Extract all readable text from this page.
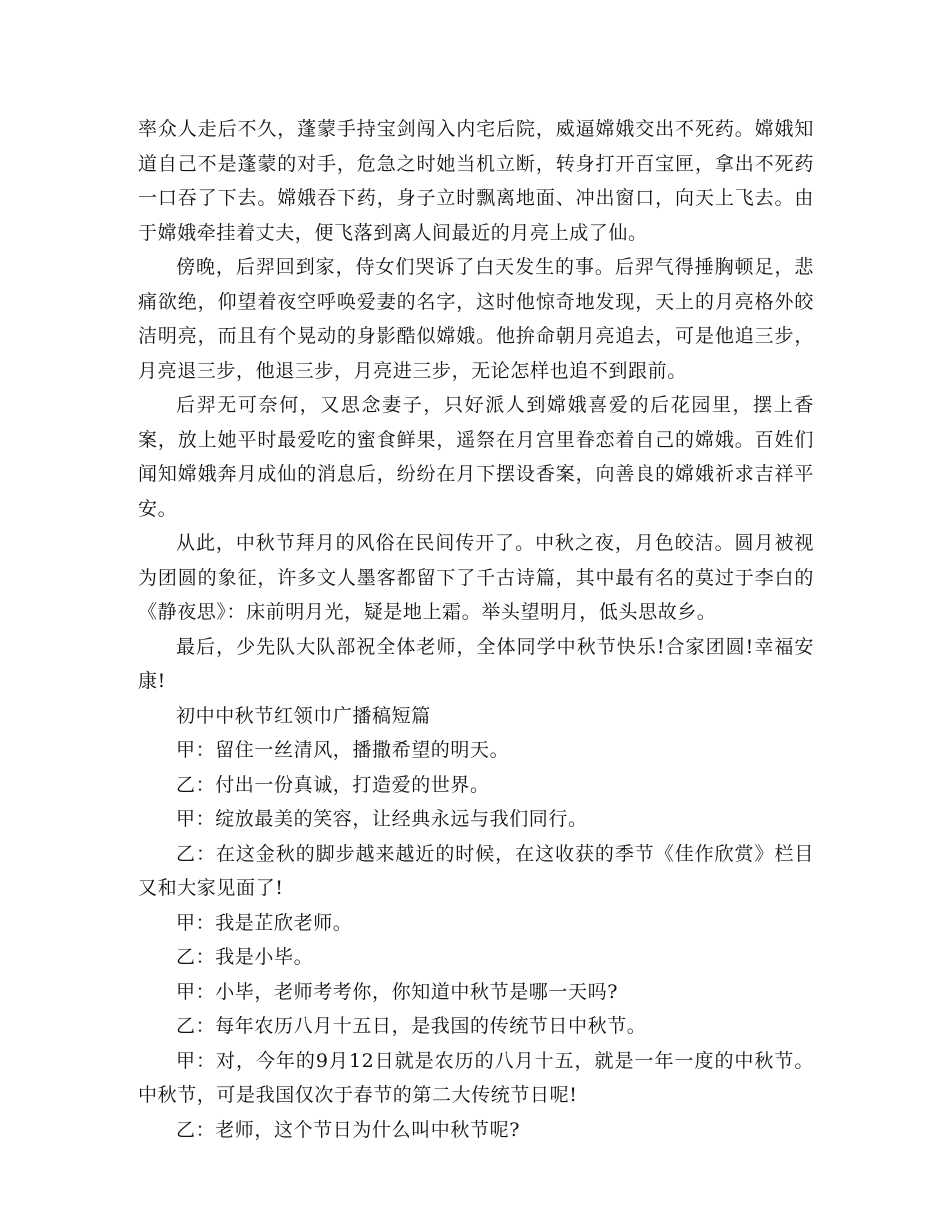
率众人走后不久，蓬蒙手持宝剑闯入内宅后院，威逼嫦娥交出不死药。嫦娥知道自己不是蓬蒙的对手，危急之时她当机立断，转身打开百宝匣，拿出不死药一口吞了下去。嫦娥吞下药，身子立时飘离地面、冲出窗口，向天上飞去。由于嫦娥牵挂着丈夫，便飞落到离人间最近的月亮上成了仙。

傍晚，后羿回到家，侍女们哭诉了白天发生的事。后羿气得捶胸顿足，悲痛欲绝，仰望着夜空呼唤爱妻的名字，这时他惊奇地发现，天上的月亮格外皎洁明亮，而且有个晃动的身影酷似嫦娥。他拚命朝月亮追去，可是他追三步，月亮退三步，他退三步，月亮进三步，无论怎样也追不到跟前。

后羿无可奈何，又思念妻子，只好派人到嫦娥喜爱的后花园里，摆上香案，放上她平时最爱吃的蜜食鲜果，遥祭在月宫里眷恋着自己的嫦娥。百姓们闻知嫦娥奔月成仙的消息后，纷纷在月下摆设香案，向善良的嫦娥祈求吉祥平安。

从此，中秋节拜月的风俗在民间传开了。中秋之夜，月色皎洁。圆月被视为团圆的象征，许多文人墨客都留下了千古诗篇，其中最有名的莫过于李白的《静夜思》：床前明月光，疑是地上霜。举头望明月，低头思故乡。

最后，少先队大队部祝全体老师，全体同学中秋节快乐!合家团圆!幸福安康!

初中中秋节红领巾广播稿短篇

甲：留住一丝清风，播撒希望的明天。

乙：付出一份真诚，打造爱的世界。

甲：绽放最美的笑容，让经典永远与我们同行。

乙：在这金秋的脚步越来越近的时候，在这收获的季节《佳作欣赏》栏目又和大家见面了!

甲：我是芷欣老师。

乙：我是小毕。

甲：小毕，老师考考你，你知道中秋节是哪一天吗?

乙：每年农历八月十五日，是我国的传统节日中秋节。

甲：对，今年的9月12日就是农历的八月十五，就是一年一度的中秋节。中秋节，可是我国仅次于春节的第二大传统节日呢!

乙：老师，这个节日为什么叫中秋节呢?
